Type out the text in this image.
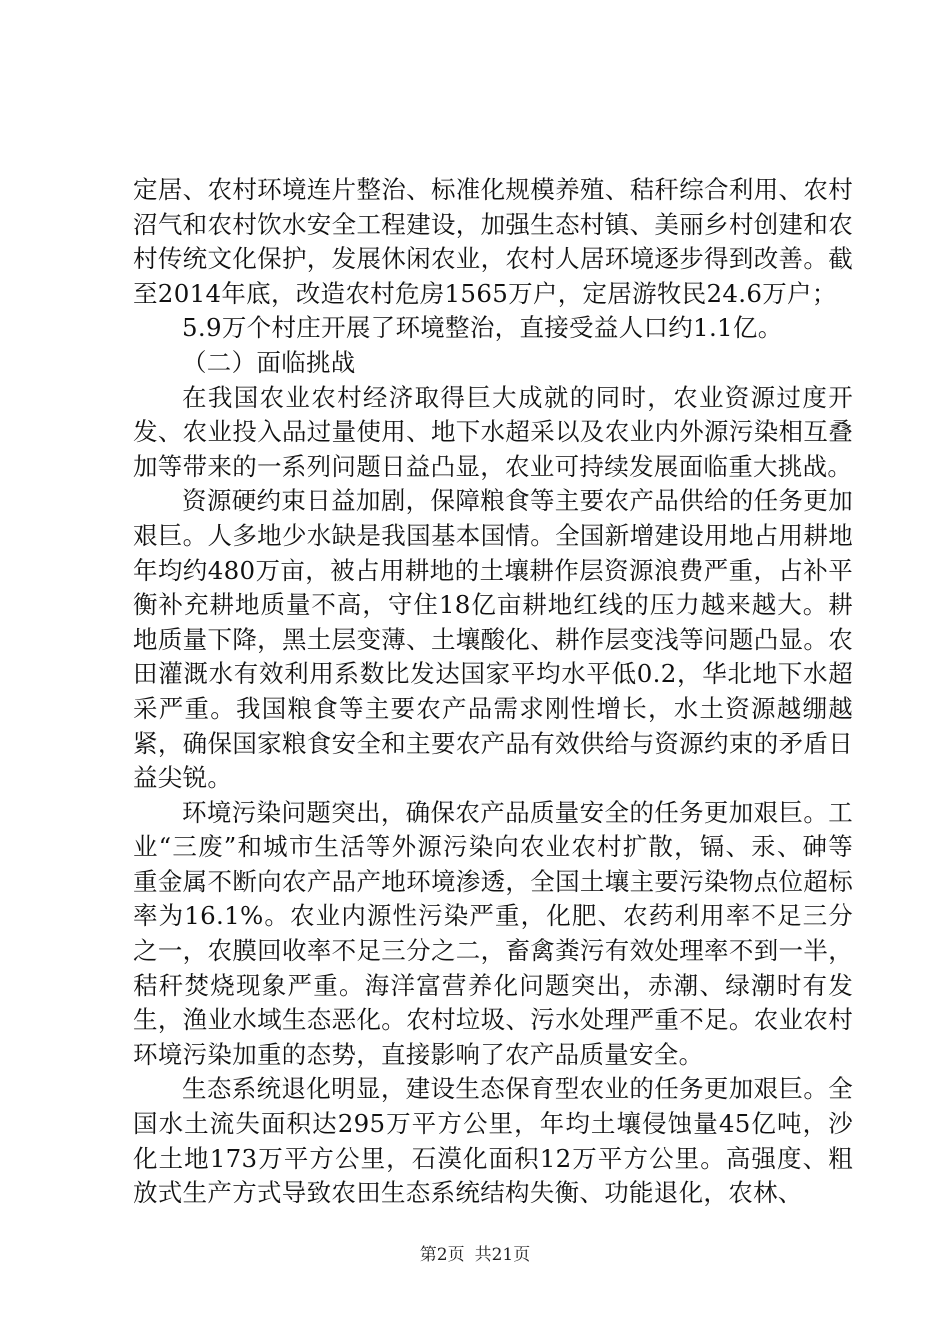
定居、农村环境连片整治、标准化规模养殖、秸秆综合利用、农村沼气和农村饮水安全工程建设，加强生态村镇、美丽乡村创建和农村传统文化保护，发展休闲农业，农村人居环境逐步得到改善。截至2014年底，改造农村危房1565万户，定居游牧民24.6万户；

5.9万个村庄开展了环境整治，直接受益人口约1.1亿。

（二）面临挑战

在我国农业农村经济取得巨大成就的同时，农业资源过度开发、农业投入品过量使用、地下水超采以及农业内外源污染相互叠加等带来的一系列问题日益凸显，农业可持续发展面临重大挑战。

资源硬约束日益加剧，保障粮食等主要农产品供给的任务更加艰巨。人多地少水缺是我国基本国情。全国新增建设用地占用耕地年均约480万亩，被占用耕地的土壤耕作层资源浪费严重，占补平衡补充耕地质量不高，守住18亿亩耕地红线的压力越来越大。耕地质量下降，黑土层变薄、土壤酸化、耕作层变浅等问题凸显。农田灌溉水有效利用系数比发达国家平均水平低0.2，华北地下水超采严重。我国粮食等主要农产品需求刚性增长，水土资源越绷越紧，确保国家粮食安全和主要农产品有效供给与资源约束的矛盾日益尖锐。

环境污染问题突出，确保农产品质量安全的任务更加艰巨。工业“三废”和城市生活等外源污染向农业农村扩散，镉、汞、砷等重金属不断向农产品产地环境渗透，全国土壤主要污染物点位超标率为16.1%。农业内源性污染严重，化肥、农药利用率不足三分之一，农膜回收率不足三分之二，畜禽粪污有效处理率不到一半，秸秆焚烧现象严重。海洋富营养化问题突出，赤潮、绿潮时有发生，渔业水域生态恶化。农村垃圾、污水处理严重不足。农业农村环境污染加重的态势，直接影响了农产品质量安全。

生态系统退化明显，建设生态保育型农业的任务更加艰巨。全国水土流失面积达295万平方公里，年均土壤侵蚀量45亿吨，沙化土地173万平方公里，石漠化面积12万平方公里。高强度、粗放式生产方式导致农田生态系统结构失衡、功能退化，农林、

第2页 共21页
